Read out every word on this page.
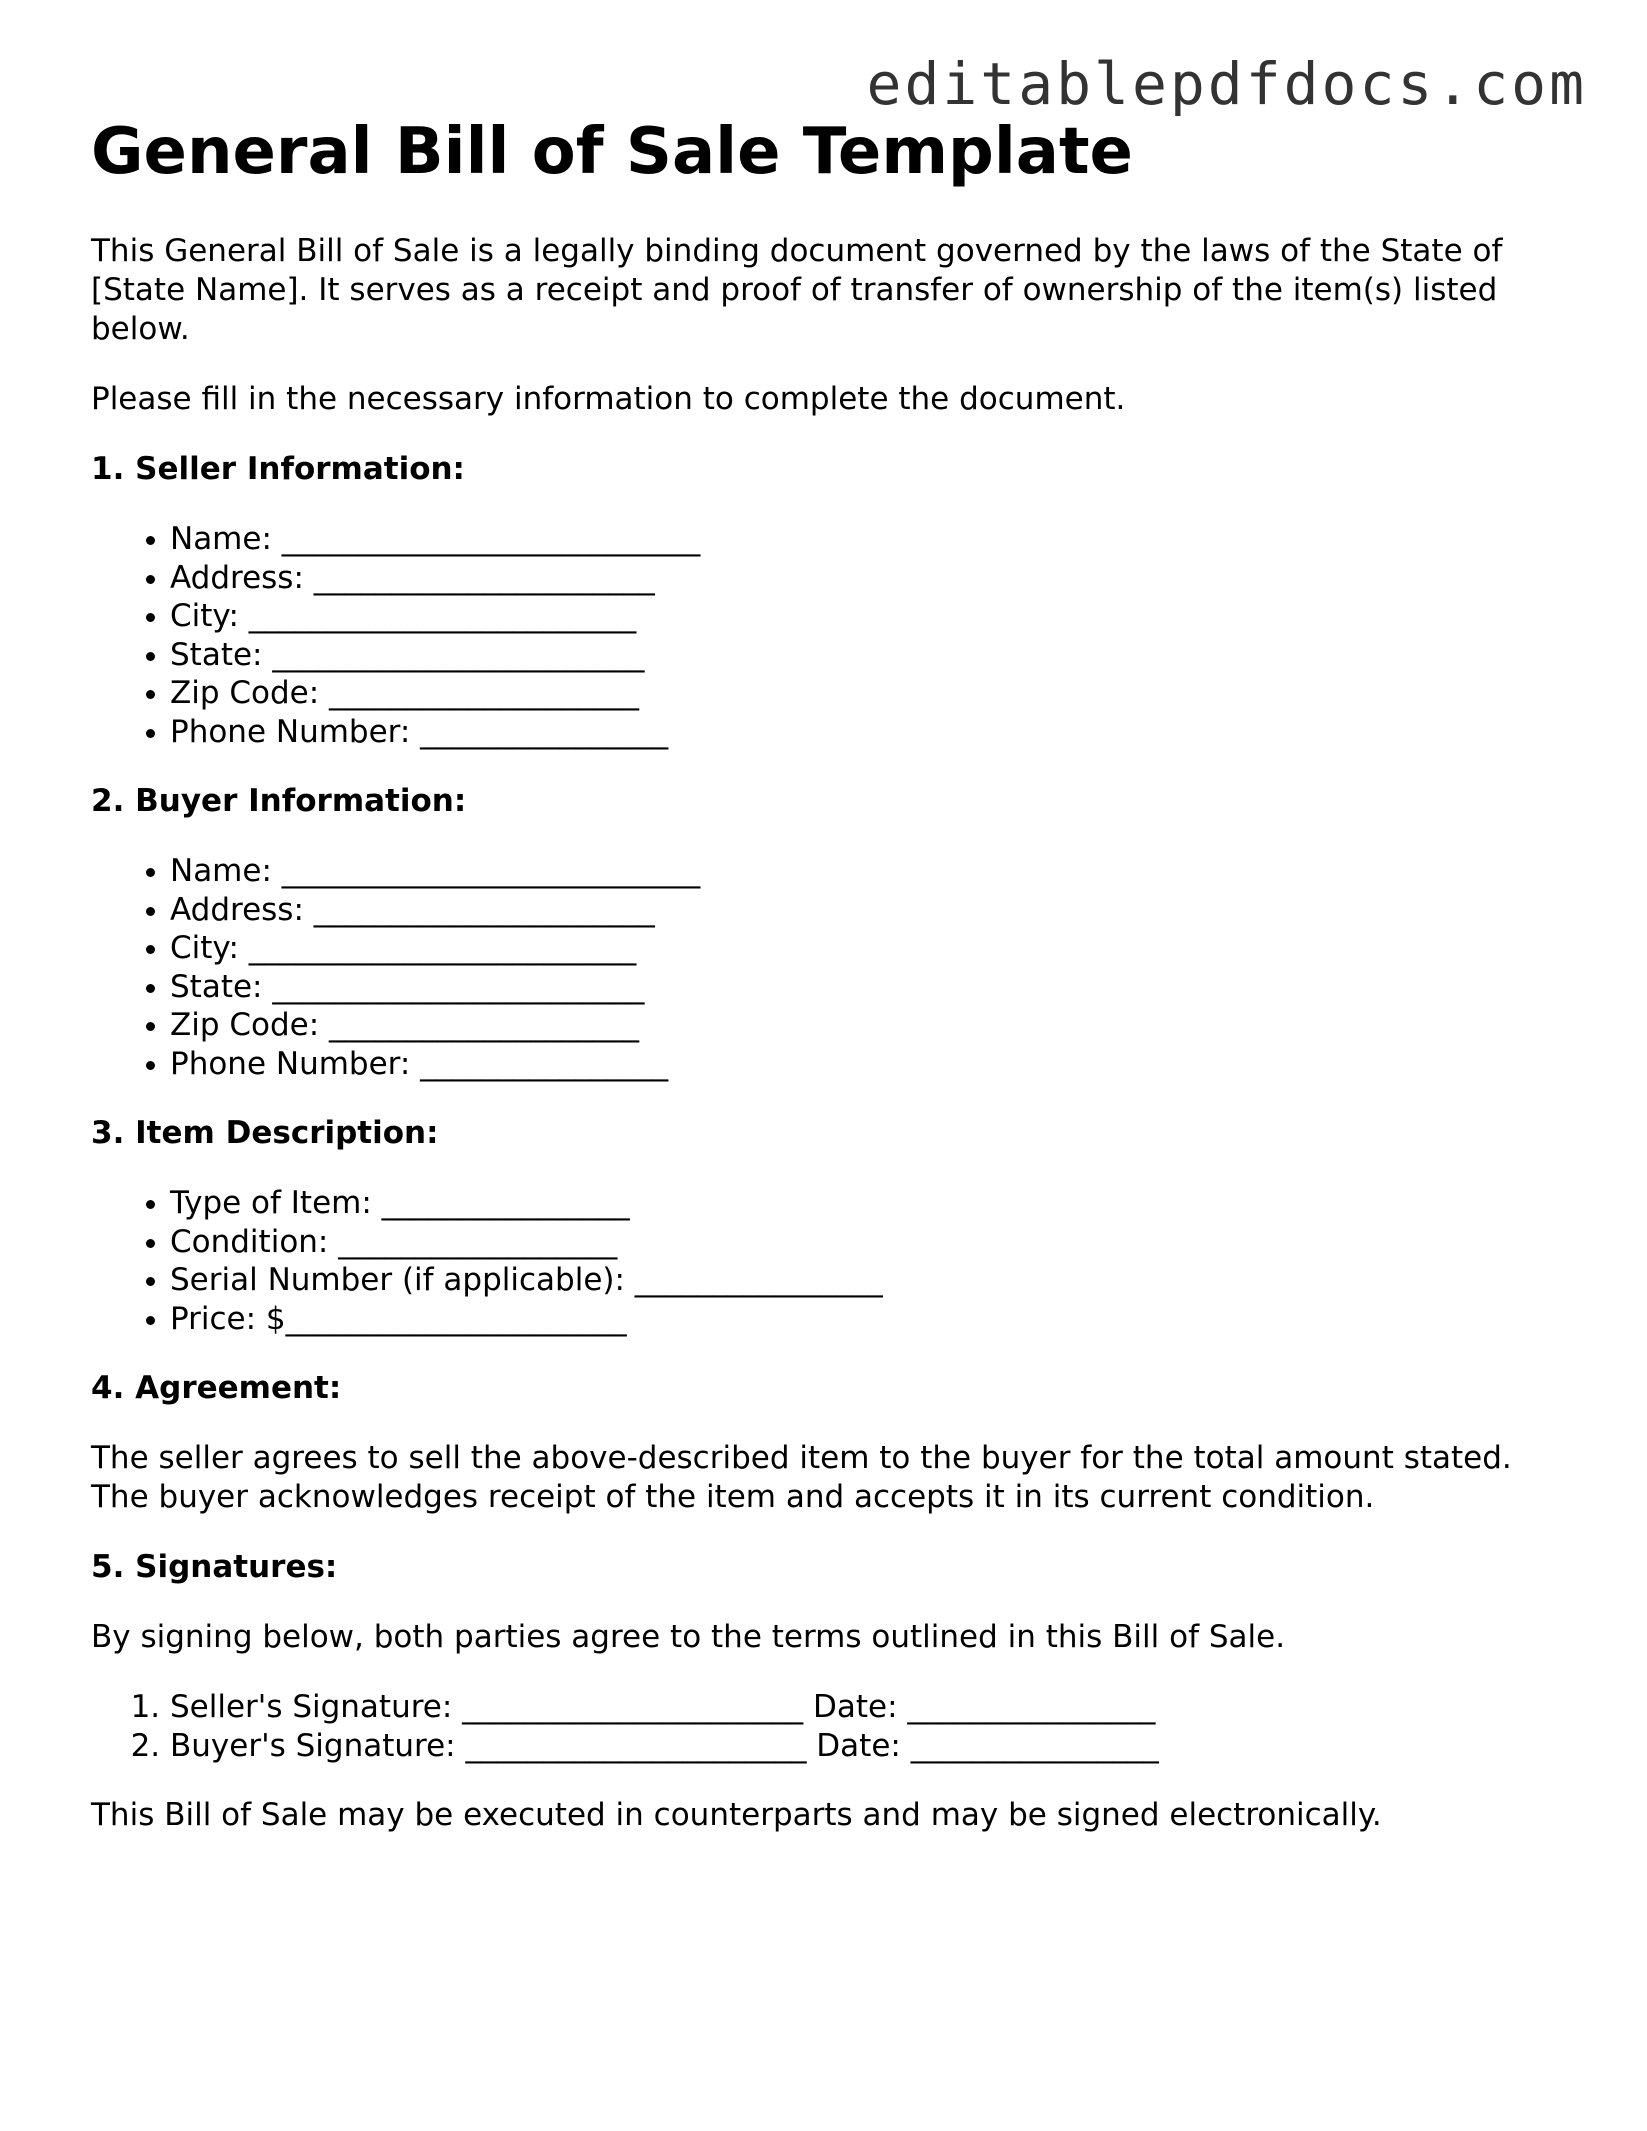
editablepdfdocs.com
General Bill of Sale Template

This General Bill of Sale is a legally binding document governed by the laws of the State of [State Name]. It serves as a receipt and proof of transfer of ownership of the item(s) listed below.

Please fill in the necessary information to complete the document.

1. Seller Information:
• Name: ___________________________
• Address: ______________________
• City: _________________________
• State: ________________________
• Zip Code: ____________________
• Phone Number: ________________
2. Buyer Information:
• Name: ___________________________
• Address: ______________________
• City: _________________________
• State: ________________________
• Zip Code: ____________________
• Phone Number: ________________
3. Item Description:
• Type of Item: ________________
• Condition: __________________
• Serial Number (if applicable): ________________
• Price: $______________________
4. Agreement:

The seller agrees to sell the above-described item to the buyer for the total amount stated. The buyer acknowledges receipt of the item and accepts it in its current condition.

5. Signatures:

By signing below, both parties agree to the terms outlined in this Bill of Sale.

1. Seller's Signature: ______________________ Date: ________________
2. Buyer's Signature: ______________________ Date: ________________

This Bill of Sale may be executed in counterparts and may be signed electronically.
